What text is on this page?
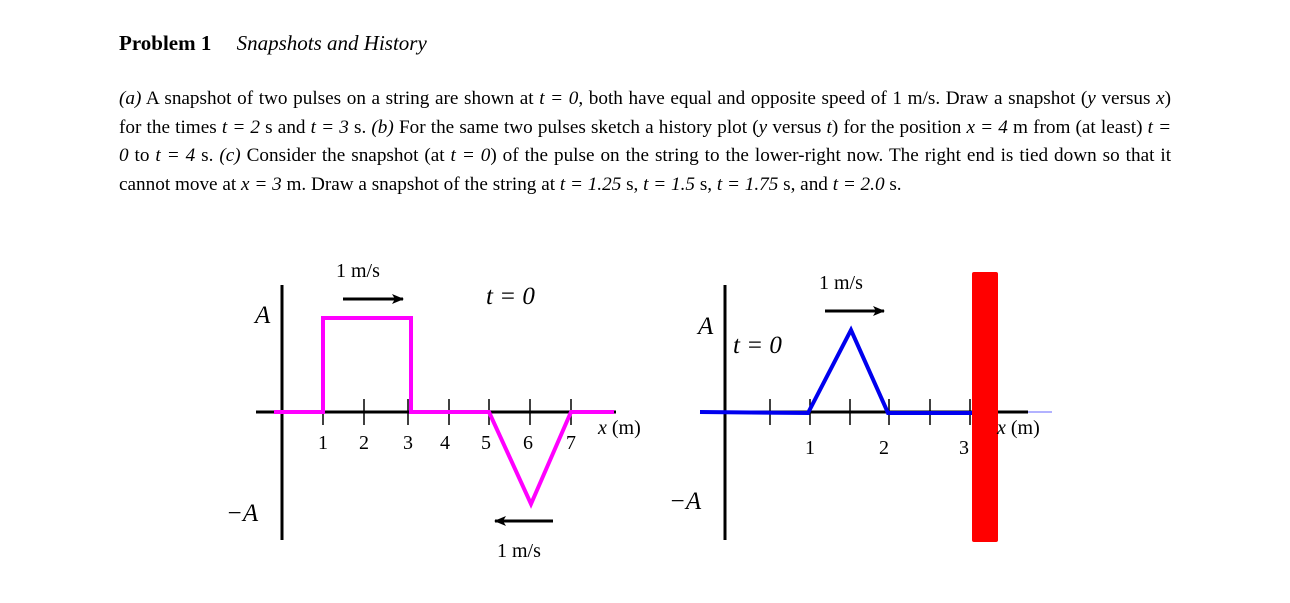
Problem 1 Snapshots and History
(a) A snapshot of two pulses on a string are shown at t = 0, both have equal and opposite speed of 1 m/s. Draw a snapshot (y versus x) for the times t = 2 s and t = 3 s. (b) For the same two pulses sketch a history plot (y versus t) for the position x = 4 m from (at least) t = 0 to t = 4 s. (c) Consider the snapshot (at t = 0) of the pulse on the string to the lower-right now. The right end is tied down so that it cannot move at x = 3 m. Draw a snapshot of the string at t = 1.25 s, t = 1.5 s, t = 1.75 s, and t = 2.0 s.
1 2 3 4 5 6 7
x (m)
A
−A
t = 0
1 m/s
1 m/s
1	2	3
x (m)
A
−A
t = 0
1 m/s
